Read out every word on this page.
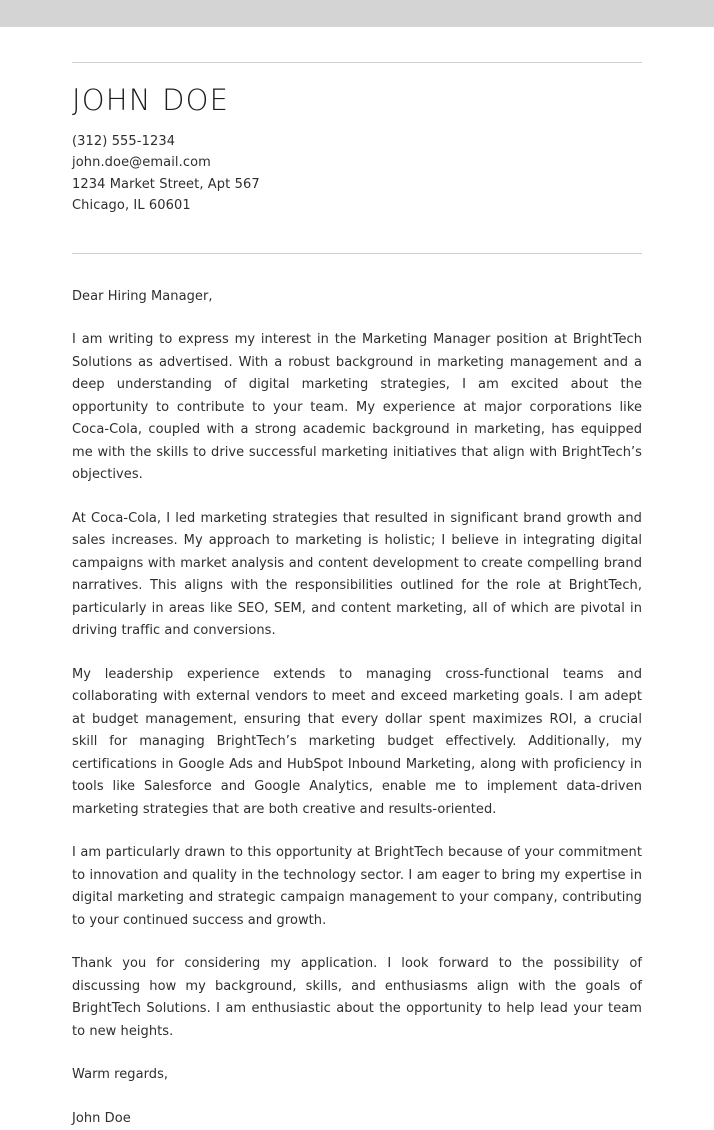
JOHN DOE
(312) 555-1234
john.doe@email.com
1234 Market Street, Apt 567
Chicago, IL 60601

Dear Hiring Manager,

I am writing to express my interest in the Marketing Manager position at BrightTech Solutions as advertised. With a robust background in marketing management and a deep understanding of digital marketing strategies, I am excited about the opportunity to contribute to your team. My experience at major corporations like Coca-Cola, coupled with a strong academic background in marketing, has equipped me with the skills to drive successful marketing initiatives that align with BrightTech’s objectives.

At Coca-Cola, I led marketing strategies that resulted in significant brand growth and sales increases. My approach to marketing is holistic; I believe in integrating digital campaigns with market analysis and content development to create compelling brand narratives. This aligns with the responsibilities outlined for the role at BrightTech, particularly in areas like SEO, SEM, and content marketing, all of which are pivotal in driving traffic and conversions.

My leadership experience extends to managing cross-functional teams and collaborating with external vendors to meet and exceed marketing goals. I am adept at budget management, ensuring that every dollar spent maximizes ROI, a crucial skill for managing BrightTech’s marketing budget effectively. Additionally, my certifications in Google Ads and HubSpot Inbound Marketing, along with proficiency in tools like Salesforce and Google Analytics, enable me to implement data-driven marketing strategies that are both creative and results-oriented.

I am particularly drawn to this opportunity at BrightTech because of your commitment to innovation and quality in the technology sector. I am eager to bring my expertise in digital marketing and strategic campaign management to your company, contributing to your continued success and growth.

Thank you for considering my application. I look forward to the possibility of discussing how my background, skills, and enthusiasms align with the goals of BrightTech Solutions. I am enthusiastic about the opportunity to help lead your team to new heights.

Warm regards,

John Doe
